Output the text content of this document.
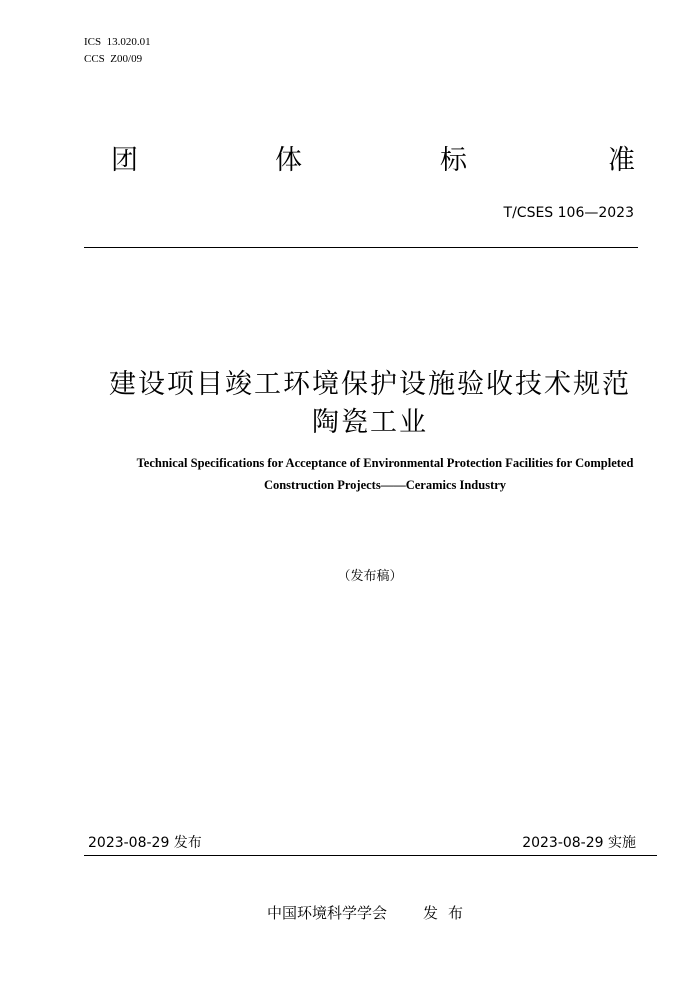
ICS  13.020.01
CCS  Z00/09
团	体	标	准
T/CSES 106—2023
建设项目竣工环境保护设施验收技术规范
陶瓷工业
Technical Specifications for Acceptance of Environmental Protection Facilities for Completed
Construction Projects——Ceramics Industry
（发布稿）
2023-08-29 发布	2023-08-29 实施
中国环境科学学会 发布
